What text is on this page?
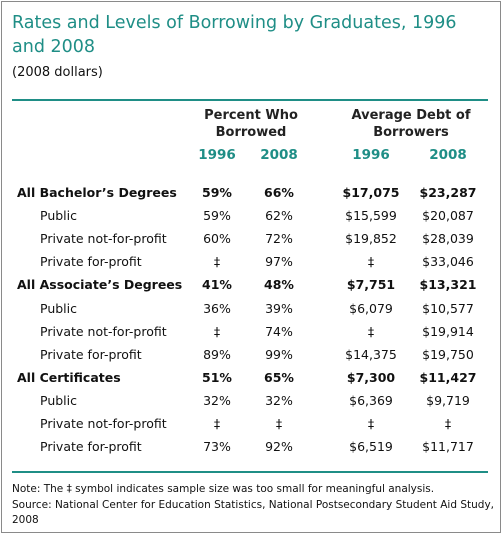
Rates and Levels of Borrowing by Graduates, 1996 and 2008
(2008 dollars)
Percent Who Borrowed
Average Debt of Borrowers
1996	2008	1996	2008
All Bachelor’s Degrees	59%	66%	$17,075	$23,287
Public	59%	62%	$15,599	$20,087
Private not-for-profit	60%	72%	$19,852	$28,039
Private for-profit	‡	97%	‡	$33,046
All Associate’s Degrees	41%	48%	$7,751	$13,321
Public	36%	39%	$6,079	$10,577
Private not-for-profit	‡	74%	‡	$19,914
Private for-profit	89%	99%	$14,375	$19,750
All Certificates	51%	65%	$7,300	$11,427
Public	32%	32%	$6,369	$9,719
Private not-for-profit	‡	‡	‡	‡
Private for-profit	73%	92%	$6,519	$11,717
Note: The ‡ symbol indicates sample size was too small for meaningful analysis.
Source: National Center for Education Statistics, National Postsecondary Student Aid Study, 2008
